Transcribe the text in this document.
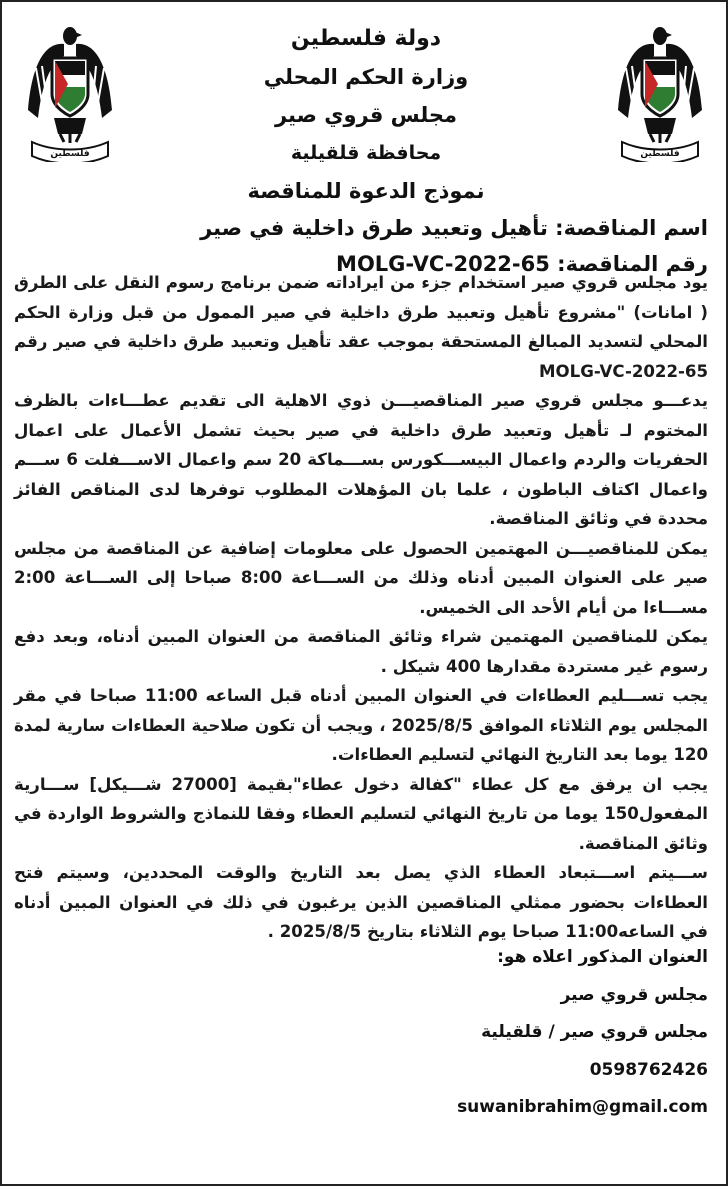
فلسطين	فلسطين
دولة فلسطين
وزارة الحكم المحلي
مجلس قروي صير
محافظة قلقيلية
نموذج الدعوة للمناقصة
اسم المناقصة: تأهيل وتعبيد طرق داخلية في صير
رقم المناقصة: MOLG-VC-2022-65

يود مجلس قروي صير استخدام جزء من ايراداته ضمن برنامج رسوم النقل على الطرق ( امانات) "مشروع تأهيل وتعبيد طرق داخلية في صير الممول من قبل وزارة الحكم المحلي لتسديد المبالغ المستحقة بموجب عقد تأهيل وتعبيد طرق داخلية في صير رقم MOLG-VC-2022-65

يدعـــو مجلس قروي صير المناقصيـــن ذوي الاهلية الى تقديم عطـــاءات بالظرف المختوم لـ تأهيل وتعبيد طرق داخلية في صير بحيث تشمل الأعمال على اعمال الحفريات والردم واعمال البيســـكورس بســـماكة 20 سم واعمال الاســـفلت 6 ســـم واعمال اكتاف الباطون ، علما بان المؤهلات المطلوب توفرها لدى المناقص الفائز محددة في وثائق المناقصة.

يمكن للمناقصيـــن المهتمين الحصول على معلومات إضافية عن المناقصة من مجلس صير على العنوان المبين أدناه وذلك من الســـاعة 8:00 صباحا إلى الســـاعة 2:00 مســـاءا من أيام الأحد الى الخميس.

يمكن للمناقصين المهتمين شراء وثائق المناقصة من العنوان المبين أدناه، وبعد دفع رسوم غير مستردة مقدارها 400 شيكل .

يجب تســـليم العطاءات في العنوان المبين أدناه قبل الساعه 11:00 صباحا في مقر المجلس يوم الثلاثاء الموافق 2025/8/5 ، ويجب أن تكون صلاحية العطاءات سارية لمدة 120 يوما بعد التاريخ النهائي لتسليم العطاءات.

يجب ان يرفق مع كل عطاء "كفالة دخول عطاء"بقيمة [27000 شـــيكل] ســـارية المفعول150 يوما من تاريخ النهائي لتسليم العطاء وفقا للنماذج والشروط الواردة في وثائق المناقصة.

ســـيتم اســـتبعاد العطاء الذي يصل بعد التاريخ والوقت المحددين، وسيتم فتح العطاءات بحضور ممثلي المناقصين الذين يرغبون في ذلك في العنوان المبين أدناه في الساعه11:00 صباحا يوم الثلاثاء بتاريخ 2025/8/5 .

العنوان المذكور اعلاه هو:
مجلس قروي صير
مجلس قروي صير / قلقيلية
0598762426
suwanibrahim@gmail.com
